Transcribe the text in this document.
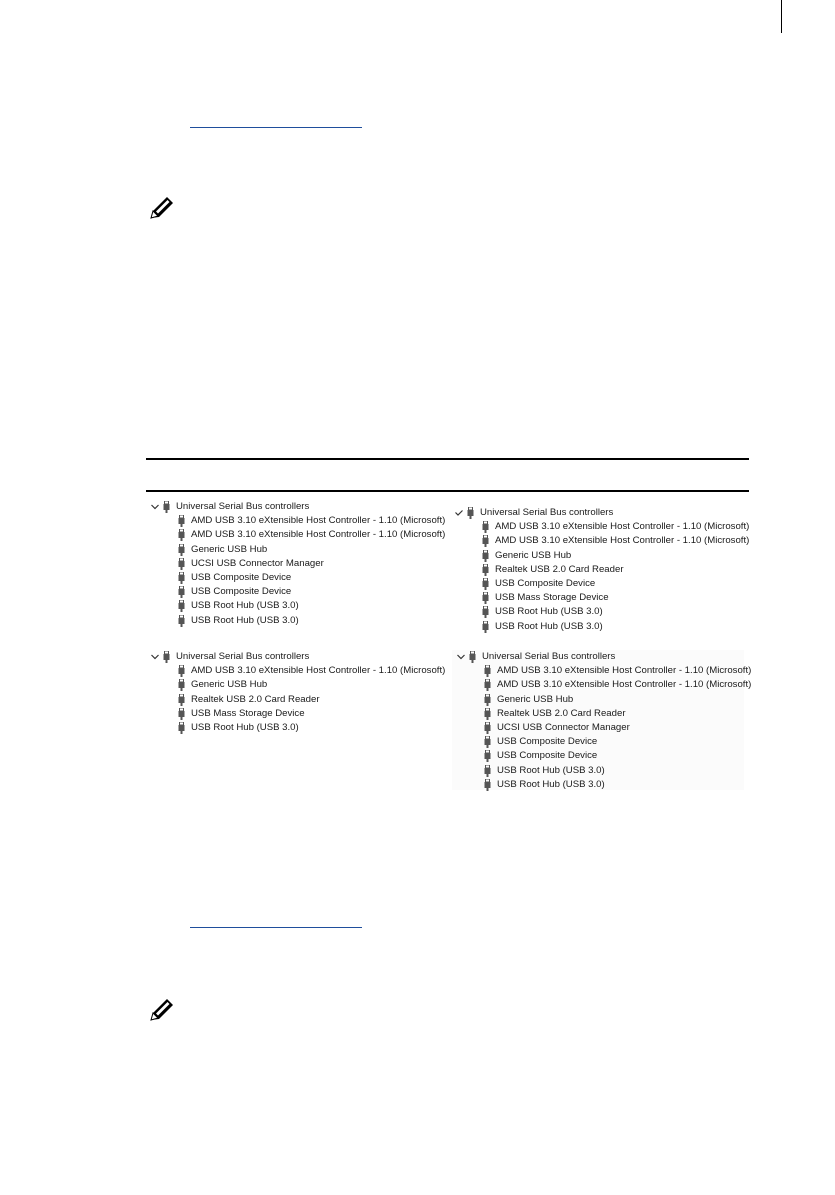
Universal Serial Bus controllers
AMD USB 3.10 eXtensible Host Controller - 1.10 (Microsoft)
AMD USB 3.10 eXtensible Host Controller - 1.10 (Microsoft)
Generic USB Hub
UCSI USB Connector Manager
USB Composite Device
USB Composite Device
USB Root Hub (USB 3.0)
USB Root Hub (USB 3.0)
Universal Serial Bus controllers
AMD USB 3.10 eXtensible Host Controller - 1.10 (Microsoft)
AMD USB 3.10 eXtensible Host Controller - 1.10 (Microsoft)
Generic USB Hub
Realtek USB 2.0 Card Reader
USB Composite Device
USB Mass Storage Device
USB Root Hub (USB 3.0)
USB Root Hub (USB 3.0)
Universal Serial Bus controllers
AMD USB 3.10 eXtensible Host Controller - 1.10 (Microsoft)
Generic USB Hub
Realtek USB 2.0 Card Reader
USB Mass Storage Device
USB Root Hub (USB 3.0)
Universal Serial Bus controllers
AMD USB 3.10 eXtensible Host Controller - 1.10 (Microsoft)
AMD USB 3.10 eXtensible Host Controller - 1.10 (Microsoft)
Generic USB Hub
Realtek USB 2.0 Card Reader
UCSI USB Connector Manager
USB Composite Device
USB Composite Device
USB Root Hub (USB 3.0)
USB Root Hub (USB 3.0)
